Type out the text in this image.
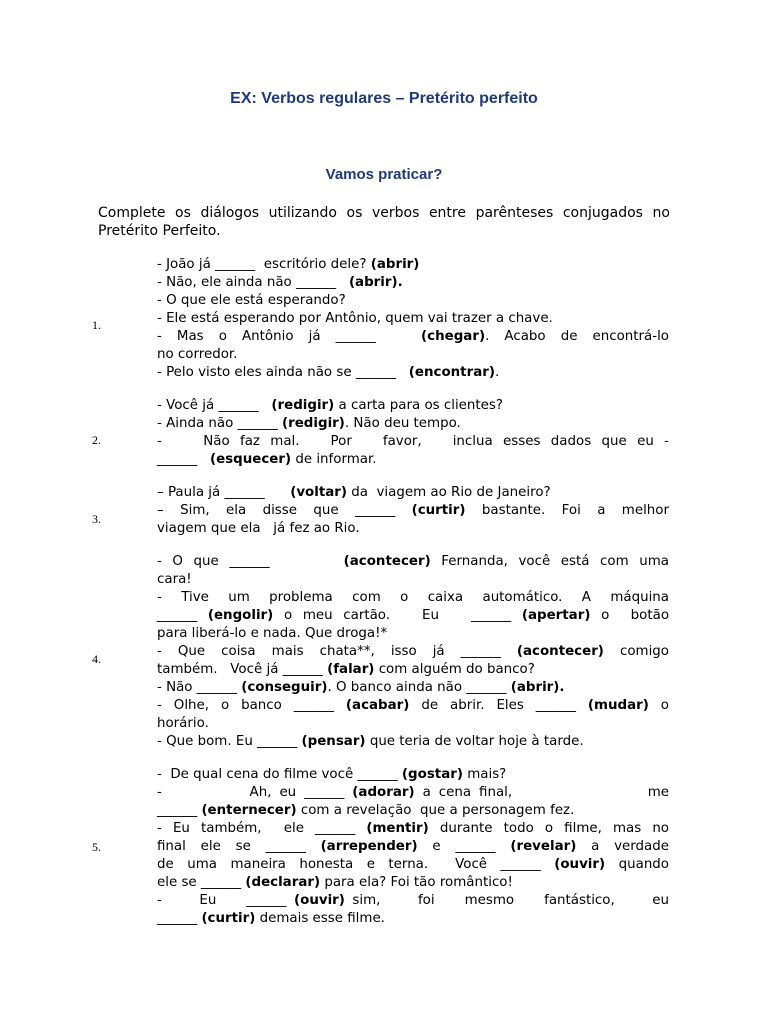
EX: Verbos regulares – Pretérito perfeito
Vamos praticar?
Complete os diálogos utilizando os verbos entre parênteses conjugados no Pretérito Perfeito.
1.
- João já ______  escritório dele? (abrir)
- Não, ele ainda não ______   (abrir).
- O que ele está esperando?
- Ele está esperando por Antônio, quem vai trazer a chave.
- Mas o Antônio já ______   (chegar). Acabo de encontrá-lo
no corredor.
- Pelo visto eles ainda não se ______   (encontrar).
2.
- Você já ______   (redigir) a carta para os clientes?
- Ainda não ______ (redigir). Não deu tempo.
-    Não faz mal.   Por   favor,   inclua esses dados que eu -
______   (esquecer) de informar.
3.
– Paula já ______      (voltar) da  viagem ao Rio de Janeiro?
– Sim, ela disse que ______ (curtir) bastante. Foi a melhor
viagem que ela   já fez ao Rio.
4.
- O que ______       (acontecer) Fernanda, você está com uma
cara!
- Tive um problema com o caixa automático. A máquina
______ (engolir) o meu cartão.   Eu   ______ (apertar) o  botão
para liberá-lo e nada. Que droga!*
- Que coisa mais chata**, isso já ______ (acontecer) comigo
também.   Você já ______ (falar) com alguém do banco?
- Não ______ (conseguir). O banco ainda não ______ (abrir).
- Olhe, o banco ______ (acabar) de abrir. Eles ______ (mudar) o
horário.
- Que bom. Eu ______ (pensar) que teria de voltar hoje à tarde.
5.
-  De qual cena do filme você ______ (gostar) mais?
-           Ah, eu ______ (adorar) a cena final,                 me
______ (enternecer) com a revelação  que a personagem fez.
- Eu também,  ele ______ (mentir) durante todo o filme, mas no
final ele se ______ (arrepender) e ______ (revelar) a verdade
de uma maneira honesta e terna.  Você ______ (ouvir) quando
ele se ______ (declarar) para ela? Foi tão romântico!
-     Eu    ______ (ouvir) sim,     foi    mesmo    fantástico,     eu
______ (curtir) demais esse filme.
